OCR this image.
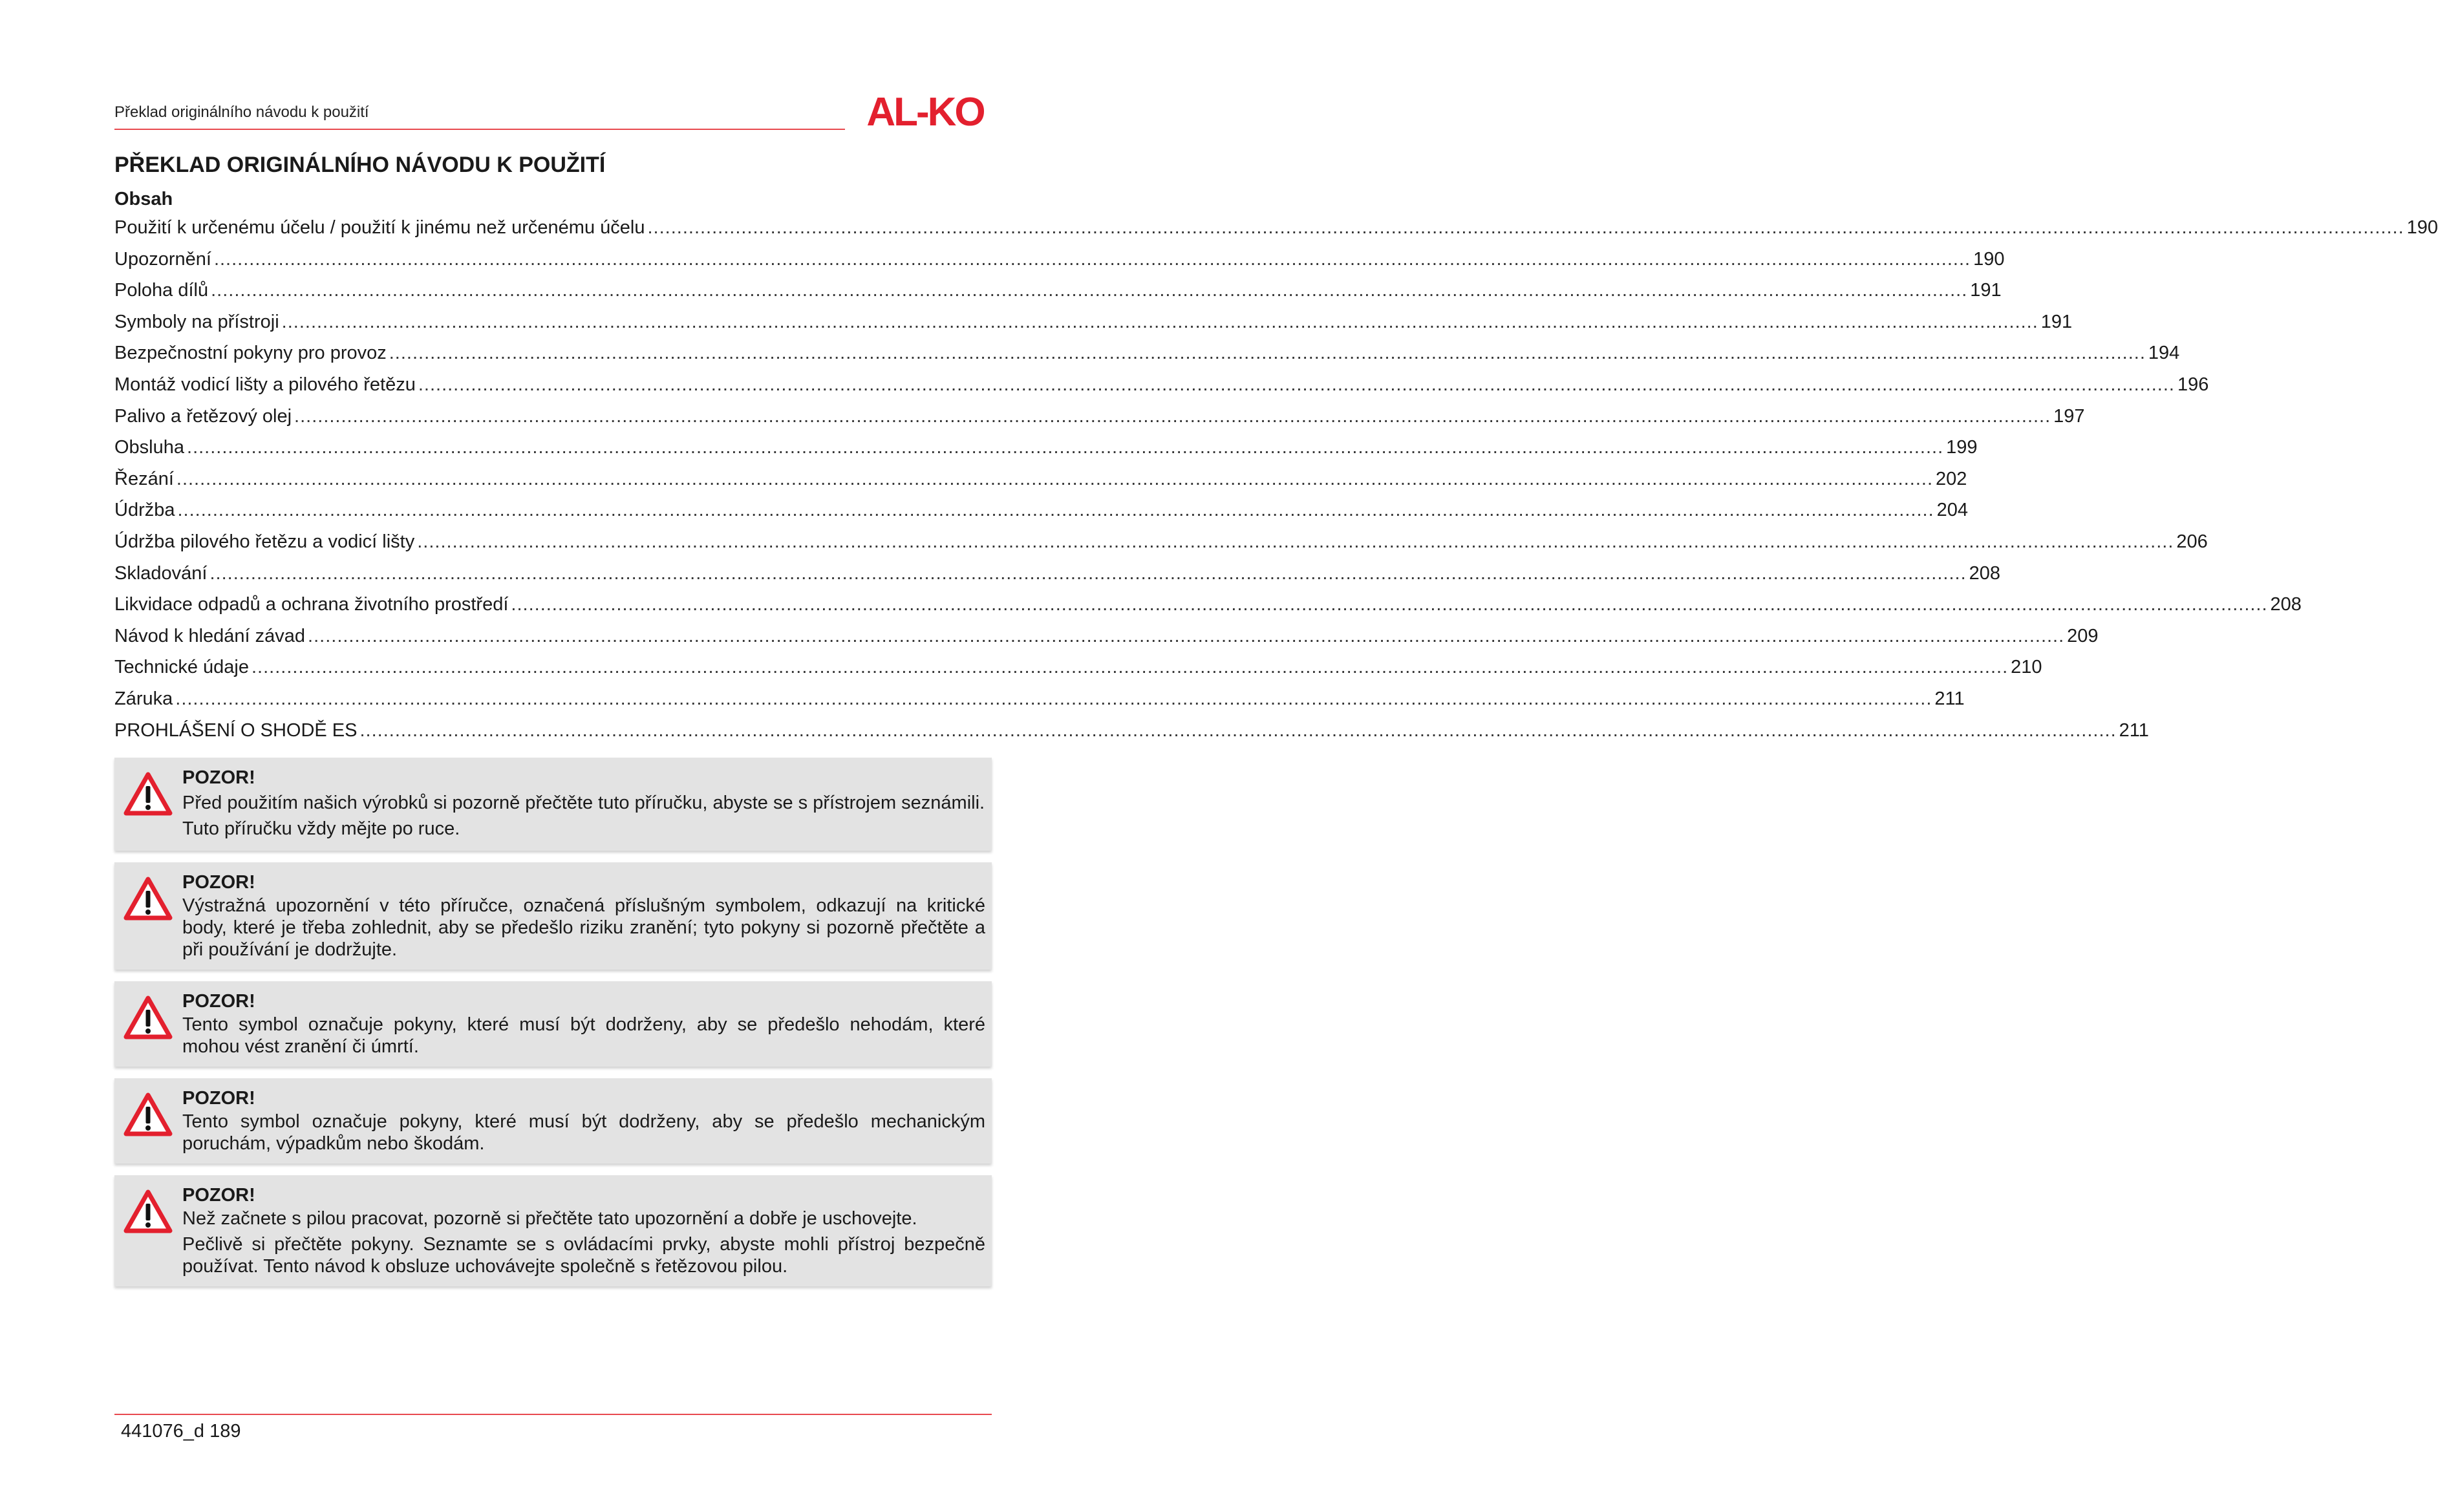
Překlad originálního návodu k použití	AL-KO
PŘEKLAD ORIGINÁLNÍHO NÁVODU K POUŽITÍ
Obsah
Použití k určenému účelu / použití k jinému než určenému účelu ............................................................................................................................................................................................................................................................................................................ 190
Upozornění ............................................................................................................................................................................................................................................................................................................ 190
Poloha dílů ............................................................................................................................................................................................................................................................................................................ 191
Symboly na přístroji ............................................................................................................................................................................................................................................................................................................ 191
Bezpečnostní pokyny pro provoz ............................................................................................................................................................................................................................................................................................................ 194
Montáž vodicí lišty a pilového řetězu ............................................................................................................................................................................................................................................................................................................ 196
Palivo a řetězový olej ............................................................................................................................................................................................................................................................................................................ 197
Obsluha ............................................................................................................................................................................................................................................................................................................ 199
Řezání ............................................................................................................................................................................................................................................................................................................ 202
Údržba ............................................................................................................................................................................................................................................................................................................ 204
Údržba pilového řetězu a vodicí lišty ............................................................................................................................................................................................................................................................................................................ 206
Skladování ............................................................................................................................................................................................................................................................................................................ 208
Likvidace odpadů a ochrana životního prostředí ............................................................................................................................................................................................................................................................................................................ 208
Návod k hledání závad ............................................................................................................................................................................................................................................................................................................ 209
Technické údaje ............................................................................................................................................................................................................................................................................................................ 210
Záruka ............................................................................................................................................................................................................................................................................................................ 211
PROHLÁŠENÍ O SHODĚ ES ............................................................................................................................................................................................................................................................................................................ 211
POZOR!
Před použitím našich výrobků si pozorně přečtěte tuto příručku, abyste se s přístrojem seznámili.
Tuto příručku vždy mějte po ruce.
POZOR!
Výstražná upozornění v této příručce, označená příslušným symbolem, odkazují na kritické body, které je třeba zohlednit, aby se předešlo riziku zranění; tyto pokyny si pozorně přečtěte a při používání je dodržujte.
POZOR!
Tento symbol označuje pokyny, které musí být dodrženy, aby se předešlo nehodám, které mohou vést zranění či úmrtí.
POZOR!
Tento symbol označuje pokyny, které musí být dodrženy, aby se předešlo mechanickým poruchám, výpadkům nebo škodám.
POZOR!
Než začnete s pilou pracovat, pozorně si přečtěte tato upozornění a dobře je uschovejte.
Pečlivě si přečtěte pokyny. Seznamte se s ovládacími prvky, abyste mohli přístroj bezpečně používat. Tento návod k obsluze uchovávejte společně s řetězovou pilou.
441076_d 189
